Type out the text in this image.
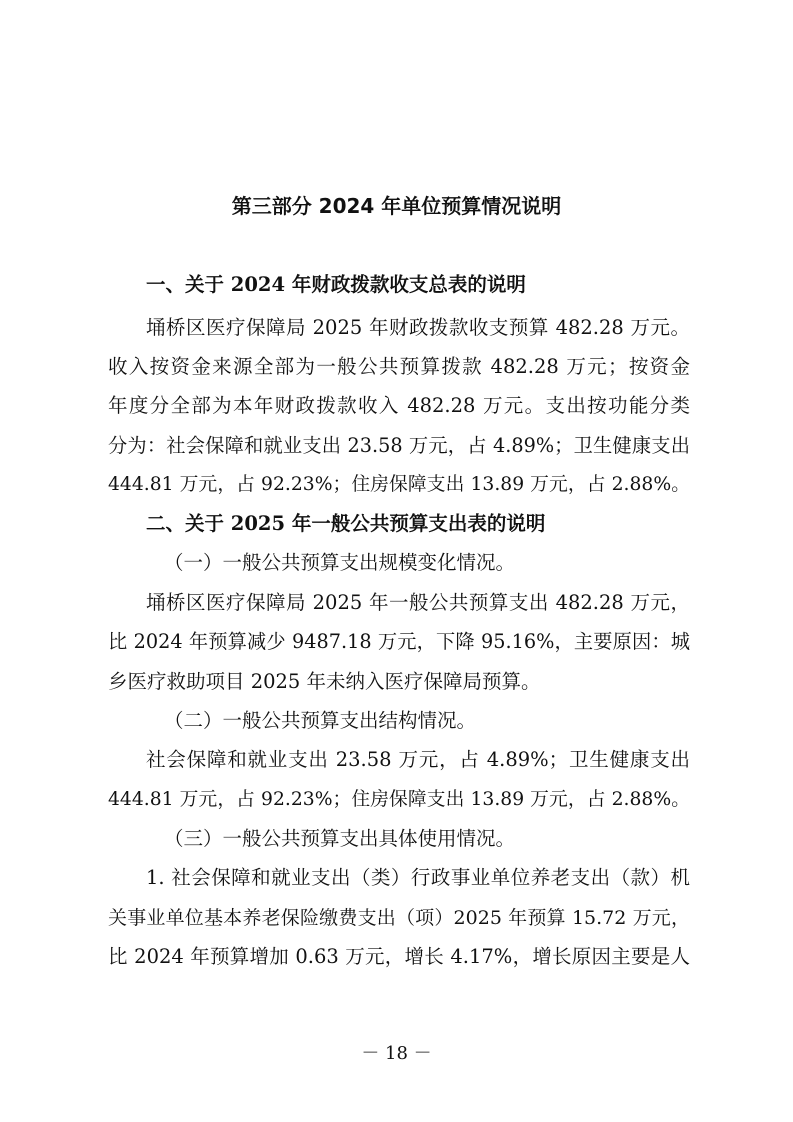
第三部分 2024 年单位预算情况说明
一、关于 2024 年财政拨款收支总表的说明
埇桥区医疗保障局 2025 年财政拨款收支预算 482.28 万元。
收入按资金来源全部为一般公共预算拨款 482.28 万元；按资金
年度分全部为本年财政拨款收入 482.28 万元。支出按功能分类
分为：社会保障和就业支出 23.58 万元，占 4.89%；卫生健康支出
444.81 万元，占 92.23%；住房保障支出 13.89 万元，占 2.88%。
二、关于 2025 年一般公共预算支出表的说明
（一）一般公共预算支出规模变化情况。
埇桥区医疗保障局 2025 年一般公共预算支出 482.28 万元，
比 2024 年预算减少 9487.18 万元，下降 95.16%，主要原因：城
乡医疗救助项目 2025 年未纳入医疗保障局预算。
（二）一般公共预算支出结构情况。
社会保障和就业支出 23.58 万元，占 4.89%；卫生健康支出
444.81 万元，占 92.23%；住房保障支出 13.89 万元，占 2.88%。
（三）一般公共预算支出具体使用情况。
1. 社会保障和就业支出（类）行政事业单位养老支出（款）机
关事业单位基本养老保险缴费支出（项）2025 年预算 15.72 万元，
比 2024 年预算增加 0.63 万元，增长 4.17%，增长原因主要是人
－ 18 －
